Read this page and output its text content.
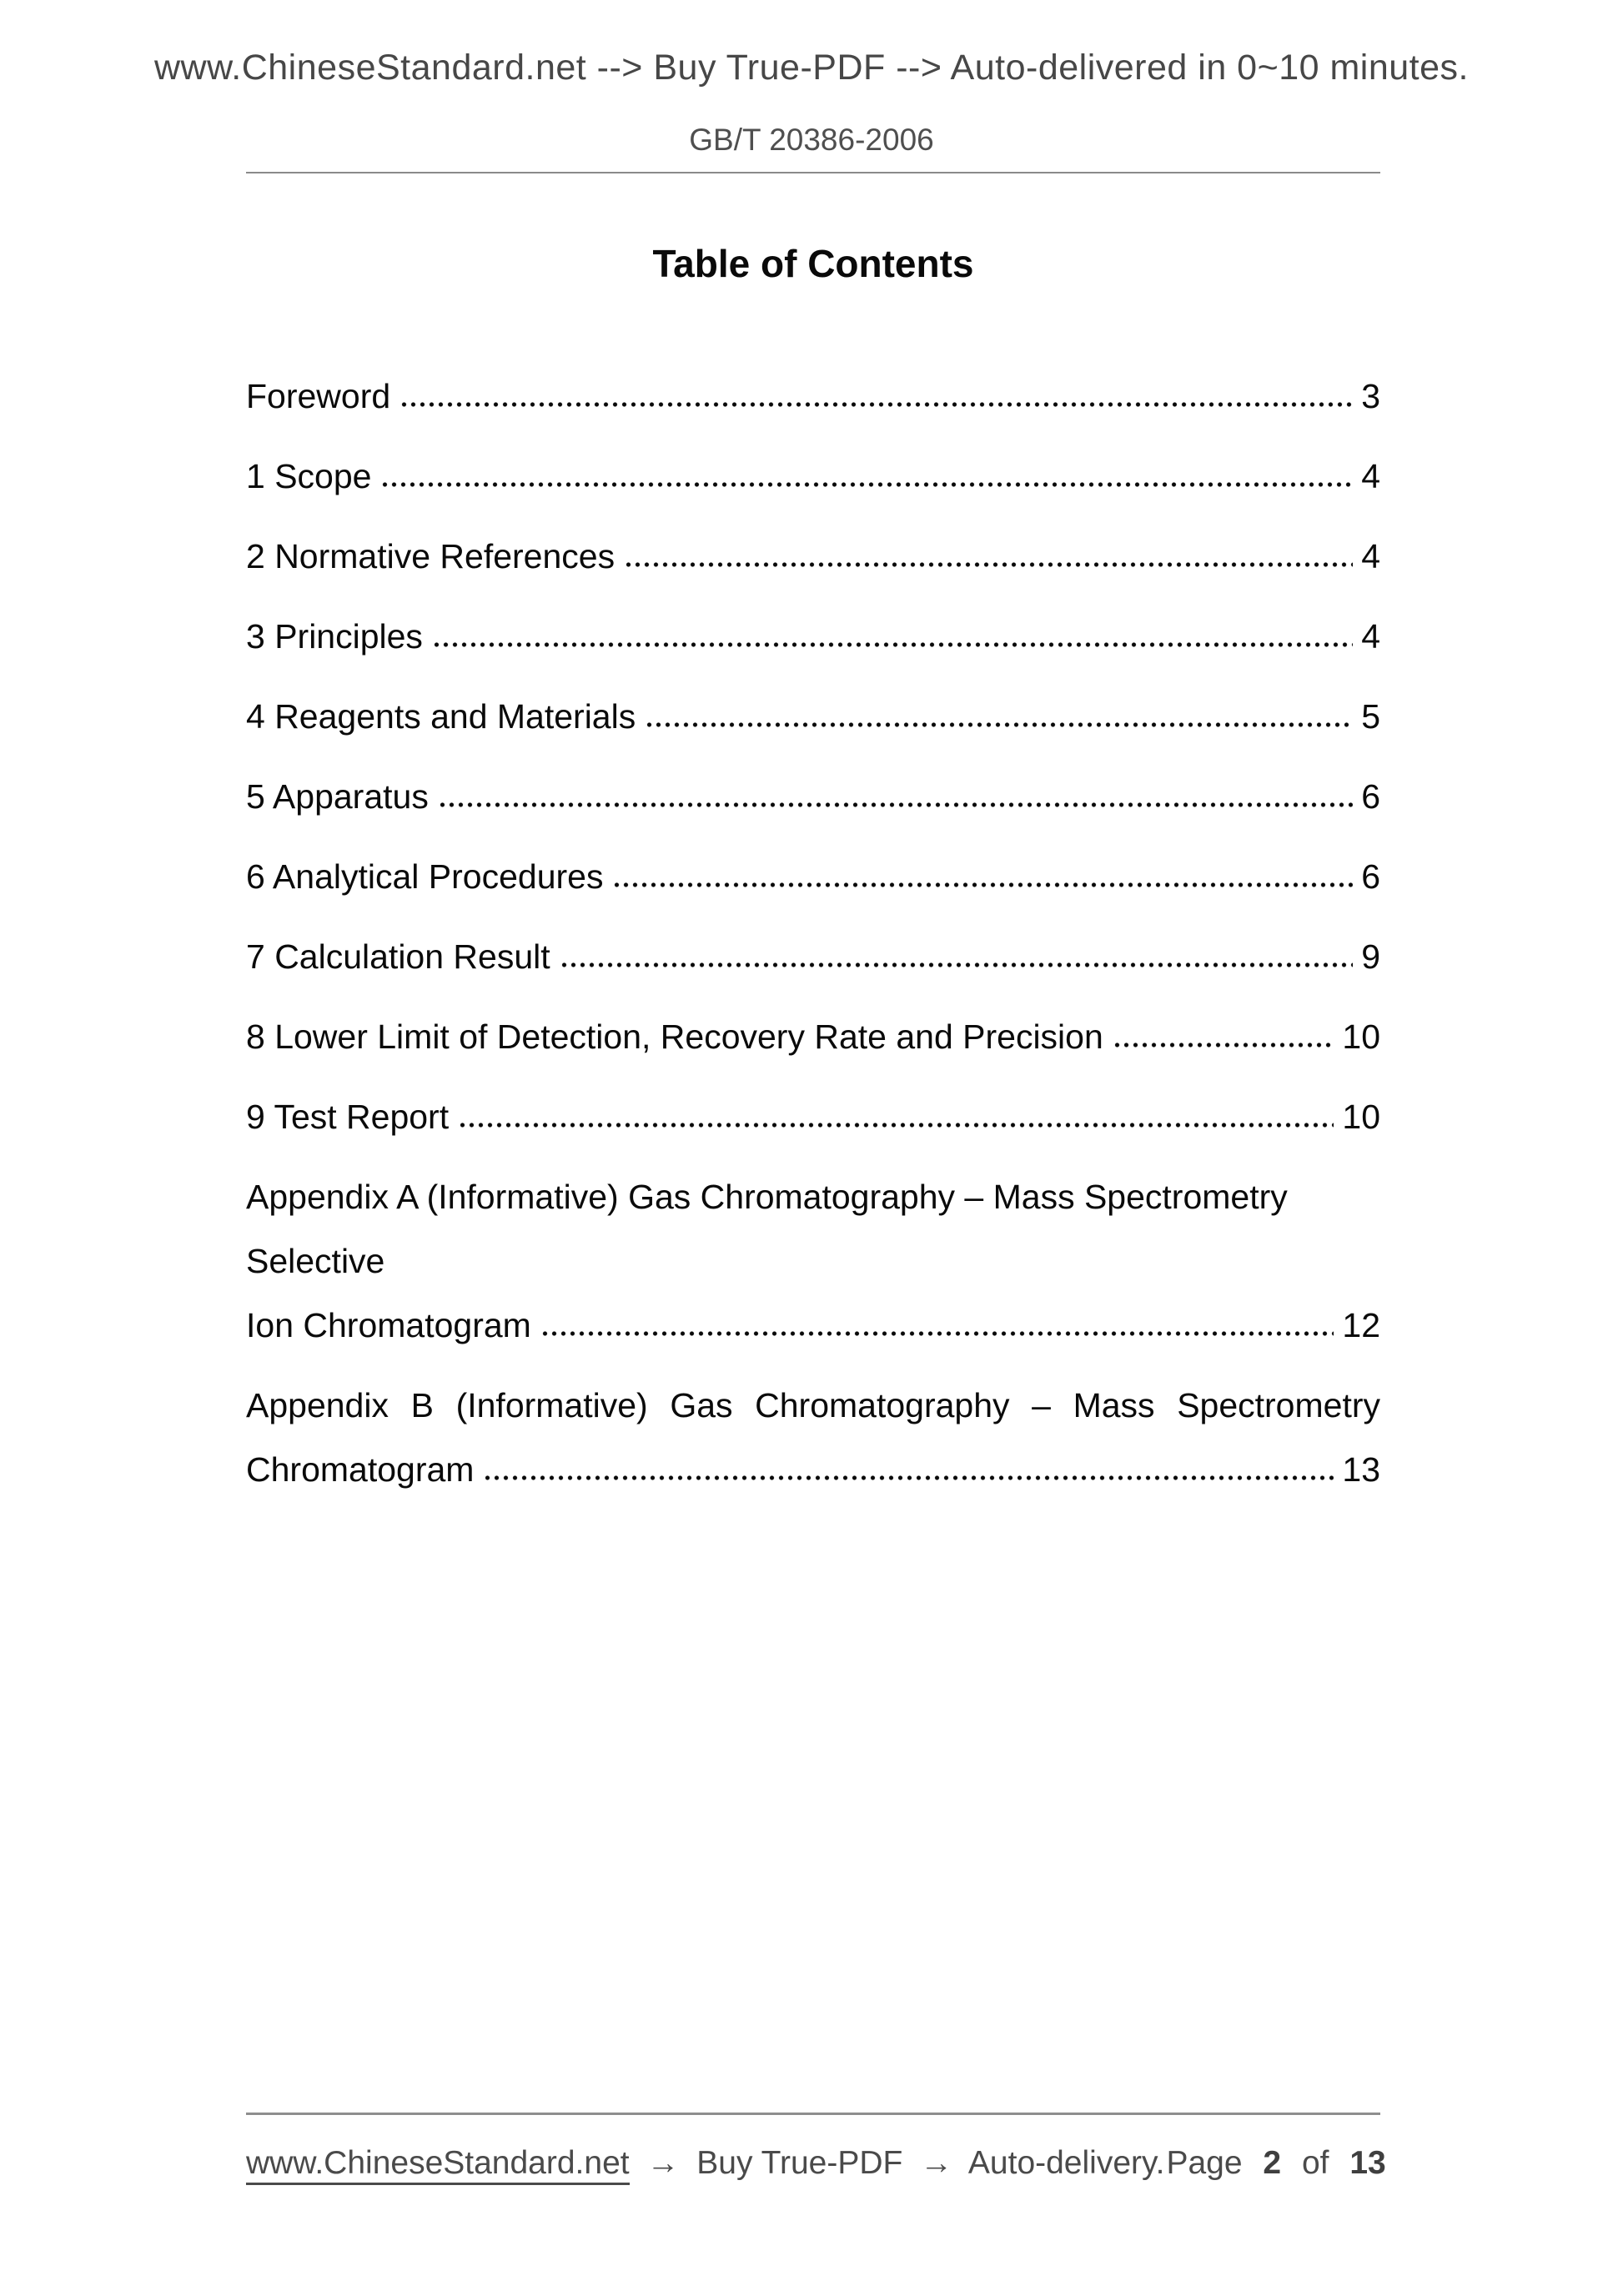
www.ChineseStandard.net --> Buy True-PDF --> Auto-delivered in 0~10 minutes.
GB/T 20386-2006
Table of Contents
Foreword	3
1 Scope	4
2 Normative References	4
3 Principles	4
4 Reagents and Materials	5
5 Apparatus	6
6 Analytical Procedures	6
7 Calculation Result	9
8 Lower Limit of Detection, Recovery Rate and Precision	10
9 Test Report	10
Appendix A (Informative) Gas Chromatography – Mass Spectrometry Selective
Ion Chromatogram	12
Appendix B (Informative) Gas Chromatography – Mass Spectrometry
Chromatogram	13
www.ChineseStandard.net → Buy True-PDF → Auto-delivery. Page 2 of 13
